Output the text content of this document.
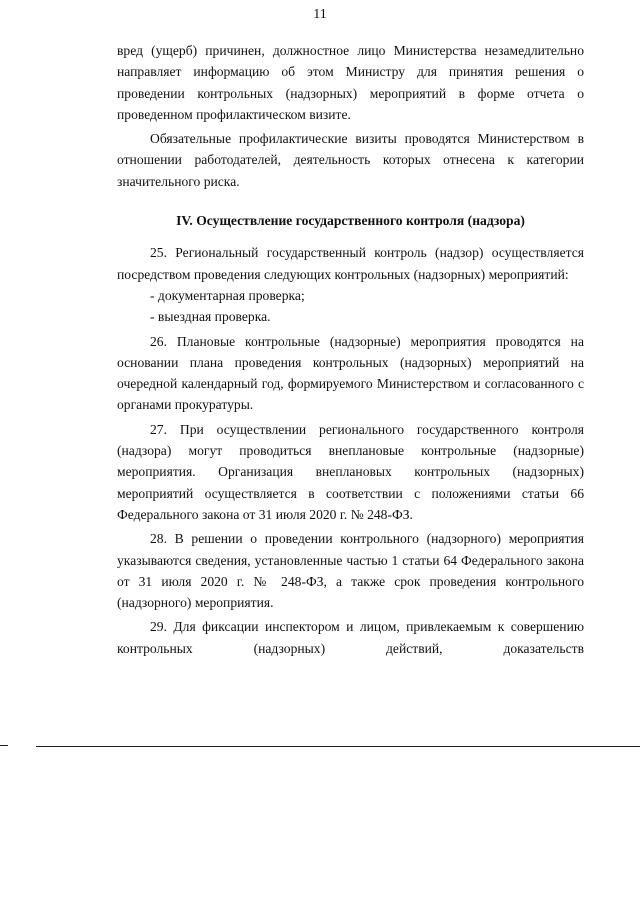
11

вред (ущерб) причинен, должностное лицо Министерства незамедлительно направляет информацию об этом Министру для принятия решения о проведении контрольных (надзорных) мероприятий в форме отчета о проведенном профилактическом визите.

Обязательные профилактические визиты проводятся Министерством в отношении работодателей, деятельность которых отнесена к категории значительного риска.

IV. Осуществление государственного контроля (надзора)

25. Региональный государственный контроль (надзор) осуществляется посредством проведения следующих контрольных (надзорных) мероприятий:

- документарная проверка;

- выездная проверка.

26. Плановые контрольные (надзорные) мероприятия проводятся на основании плана проведения контрольных (надзорных) мероприятий на очередной календарный год, формируемого Министерством и согласованного с органами прокуратуры.

27. При осуществлении регионального государственного контроля (надзора) могут проводиться внеплановые контрольные (надзорные) мероприятия. Организация внеплановых контрольных (надзорных) мероприятий осуществляется в соответствии с положениями статьи 66 Федерального закона от 31 июля 2020 г. № 248-ФЗ.

28. В решении о проведении контрольного (надзорного) мероприятия указываются сведения, установленные частью 1 статьи 64 Федерального закона от 31 июля 2020 г. № 248-ФЗ, а также срок проведения контрольного (надзорного) мероприятия.

29. Для фиксации инспектором и лицом, привлекаемым к совершению контрольных (надзорных) действий, доказательств
